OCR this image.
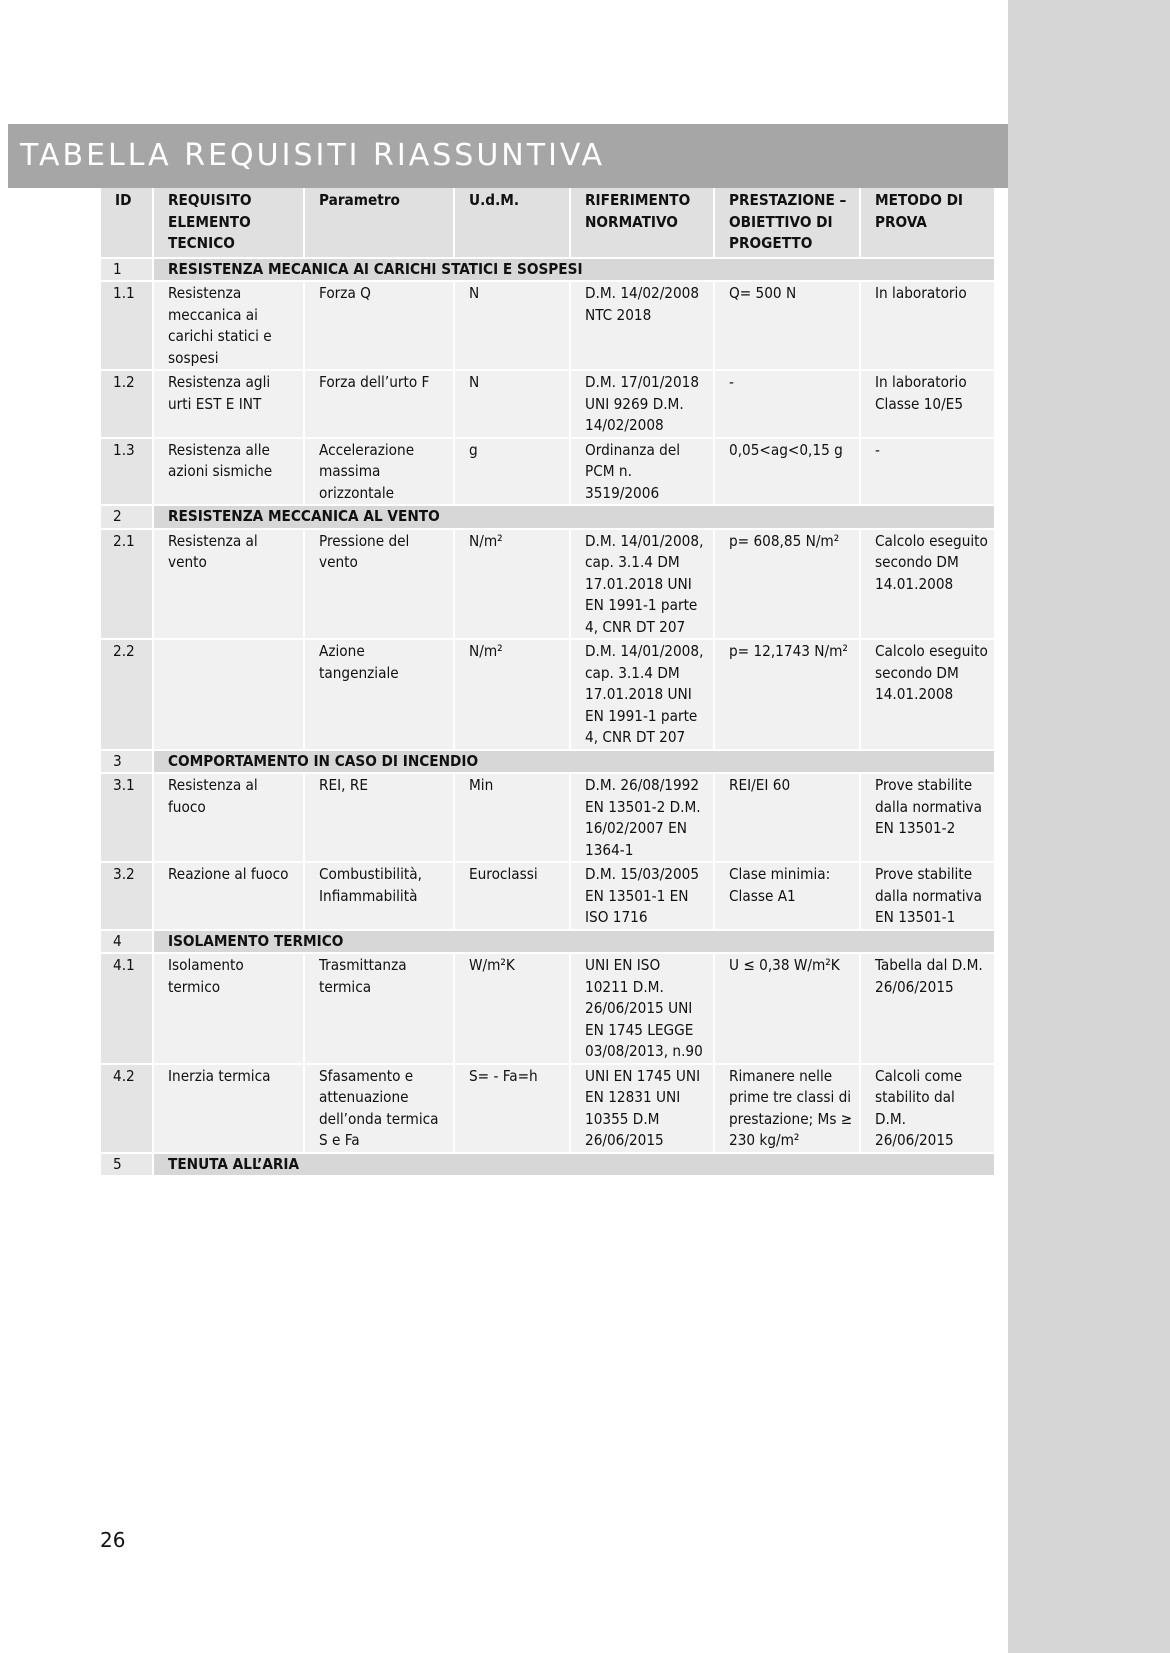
TABELLA REQUISITI RIASSUNTIVA
ID	REQUISITO ELEMENTO TECNICO	Parametro	U.d.M.	RIFERIMENTO NORMATIVO	PRESTAZIONE – OBIETTIVO DI PROGETTO	METODO DI PROVA
1	RESISTENZA MECANICA AI CARICHI STATICI E SOSPESI					
1.1	Resistenza meccanica ai carichi statici e sospesi	Forza Q	N	D.M. 14/02/2008 NTC 2018	Q= 500 N	In laboratorio
1.2	Resistenza agli urti EST E INT	Forza dell’urto F	N	D.M. 17/01/2018 UNI 9269 D.M. 14/02/2008	-	In laboratorio Classe 10/E5
1.3	Resistenza alle azioni sismiche	Accelerazione massima orizzontale	g	Ordinanza del PCM n. 3519/2006	0,05<ag<0,15 g	-
2	RESISTENZA MECCANICA AL VENTO					
2.1	Resistenza al vento	Pressione del vento	N/m²	D.M. 14/01/2008, cap. 3.1.4 DM 17.01.2018 UNI EN 1991-1 parte 4, CNR DT 207	p= 608,85 N/m²	Calcolo eseguito secondo DM 14.01.2008
2.2		Azione tangenziale	N/m²	D.M. 14/01/2008, cap. 3.1.4 DM 17.01.2018 UNI EN 1991-1 parte 4, CNR DT 207	p= 12,1743 N/m²	Calcolo eseguito secondo DM 14.01.2008
3	COMPORTAMENTO IN CASO DI INCENDIO					
3.1	Resistenza al fuoco	REI, RE	Min	D.M. 26/08/1992 EN 13501-2 D.M. 16/02/2007 EN 1364-1	REI/EI 60	Prove stabilite dalla normativa EN 13501-2
3.2	Reazione al fuoco	Combustibilità, Infiammabilità	Euroclassi	D.M. 15/03/2005 EN 13501-1 EN ISO 1716	Clase minimia: Classe A1	Prove stabilite dalla normativa EN 13501-1
4	ISOLAMENTO TERMICO					
4.1	Isolamento termico	Trasmittanza termica	W/m²K	UNI EN ISO 10211 D.M. 26/06/2015 UNI EN 1745 LEGGE 03/08/2013, n.90	U ≤ 0,38 W/m²K	Tabella dal D.M. 26/06/2015
4.2	Inerzia termica	Sfasamento e attenuazione dell’onda termica S e Fa	S= - Fa=h	UNI EN 1745 UNI EN 12831 UNI 10355 D.M 26/06/2015	Rimanere nelle prime tre classi di prestazione; Ms ≥ 230 kg/m²	Calcoli come stabilito dal D.M. 26/06/2015
5	TENUTA ALL’ARIA					
26
